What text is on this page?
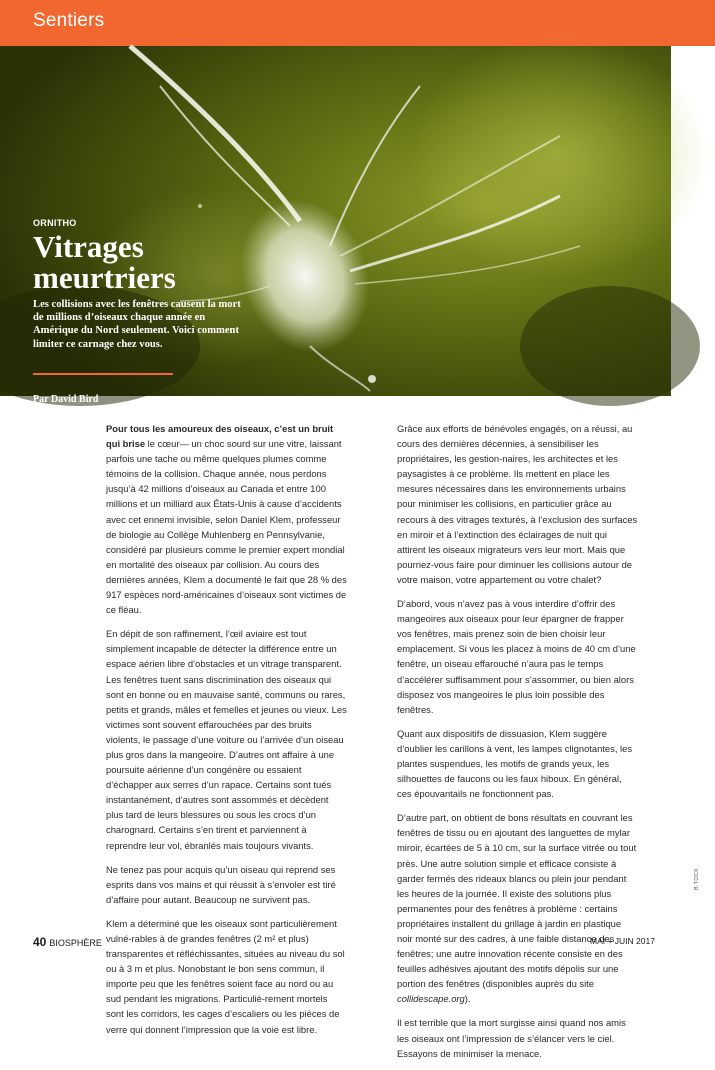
Sentiers
ORNITHO
Vitrages meurtriers
Les collisions avec les fenêtres causent la mort de millions d’oiseaux chaque année en Amérique du Nord seulement. Voici comment limiter ce carnage chez vous.
Par David Bird

Pour tous les amoureux des oiseaux, c’est un bruit qui brise le cœur— un choc sourd sur une vitre, laissant parfois une tache ou même quelques plumes comme témoins de la collision. Chaque année, nous perdons jusqu’à 42 millions d’oiseaux au Canada et entre 100 millions et un milliard aux États-Unis à cause d’accidents avec cet ennemi invisible, selon Daniel Klem, professeur de biologie au Collège Muhlenberg en Pennsylvanie, considéré par plusieurs comme le premier expert mondial en mortalité des oiseaux par collision. Au cours des dernières années, Klem a documenté le fait que 28 % des 917 espèces nord-américaines d’oiseaux sont victimes de ce fléau.

En dépit de son raffinement, l’œil aviaire est tout simplement incapable de détecter la différence entre un espace aérien libre d’obstacles et un vitrage transparent. Les fenêtres tuent sans discrimination des oiseaux qui sont en bonne ou en mauvaise santé, communs ou rares, petits et grands, mâles et femelles et jeunes ou vieux. Les victimes sont souvent effarouchées par des bruits violents, le passage d’une voiture ou l’arrivée d’un oiseau plus gros dans la mangeoire. D’autres ont affaire à une poursuite aérienne d’un congénère ou essaient d’échapper aux serres d’un rapace. Certains sont tués instantanément, d’autres sont assommés et décèdent plus tard de leurs blessures ou sous les crocs d’un charognard. Certains s’en tirent et parviennent à reprendre leur vol, ébranlés mais toujours vivants.

Ne tenez pas pour acquis qu’un oiseau qui reprend ses esprits dans vos mains et qui réussit à s’envoler est tiré d’affaire pour autant. Beaucoup ne survivent pas.

Klem a déterminé que les oiseaux sont particulièrement vulné-rables à de grandes fenêtres (2 m² et plus) transparentes et réfléchissantes, situées au niveau du sol ou à 3 m et plus. Nonobstant le bon sens commun, il importe peu que les fenêtres soient face au nord ou au sud pendant les migrations. Particuliè-rement mortels sont les corridors, les cages d’escaliers ou les pièces de verre qui donnent l’impression que la voie est libre.

Grâce aux efforts de bénévoles engagés, on a réussi, au cours des dernières décennies, à sensibiliser les propriétaires, les gestion-naires, les architectes et les paysagistes à ce problème. Ils mettent en place les mesures nécessaires dans les environnements urbains pour minimiser les collisions, en particulier grâce au recours à des vitrages texturés, à l’exclusion des surfaces en miroir et à l’extinction des éclairages de nuit qui attirent les oiseaux migrateurs vers leur mort. Mais que pourriez-vous faire pour diminuer les collisions autour de votre maison, votre appartement ou votre chalet?

D’abord, vous n’avez pas à vous interdire d’offrir des mangeoires aux oiseaux pour leur épargner de frapper vos fenêtres, mais prenez soin de bien choisir leur emplacement. Si vous les placez à moins de 40 cm d’une fenêtre, un oiseau effarouché n’aura pas le temps d’accélérer suffisamment pour s’assommer, ou bien alors disposez vos mangeoires le plus loin possible des fenêtres.

Quant aux dispositifs de dissuasion, Klem suggère d’oublier les carillons à vent, les lampes clignotantes, les plantes suspendues, les motifs de grands yeux, les silhouettes de faucons ou les faux hiboux. En général, ces épouvantails ne fonctionnent pas.

D’autre part, on obtient de bons résultats en couvrant les fenêtres de tissu ou en ajoutant des languettes de mylar miroir, écartées de 5 à 10 cm, sur la surface vitrée ou tout près. Une autre solution simple et efficace consiste à garder fermés des rideaux blancs ou plein jour pendant les heures de la journée. Il existe des solutions plus permanentes pour des fenêtres à problème : certains propriétaires installent du grillage à jardin en plastique noir monté sur des cadres, à une faible distance des fenêtres; une autre innovation récente consiste en des feuilles adhésives ajoutant des motifs dépolis sur une portion des fenêtres (disponibles auprès du site collidescape.org).

Il est terrible que la mort surgisse ainsi quand nos amis les oiseaux ont l’impression de s’élancer vers le ciel. Essayons de minimiser la menace.

B.TOCK
40 BIOSPHÈRE	MAI + JUIN 2017
